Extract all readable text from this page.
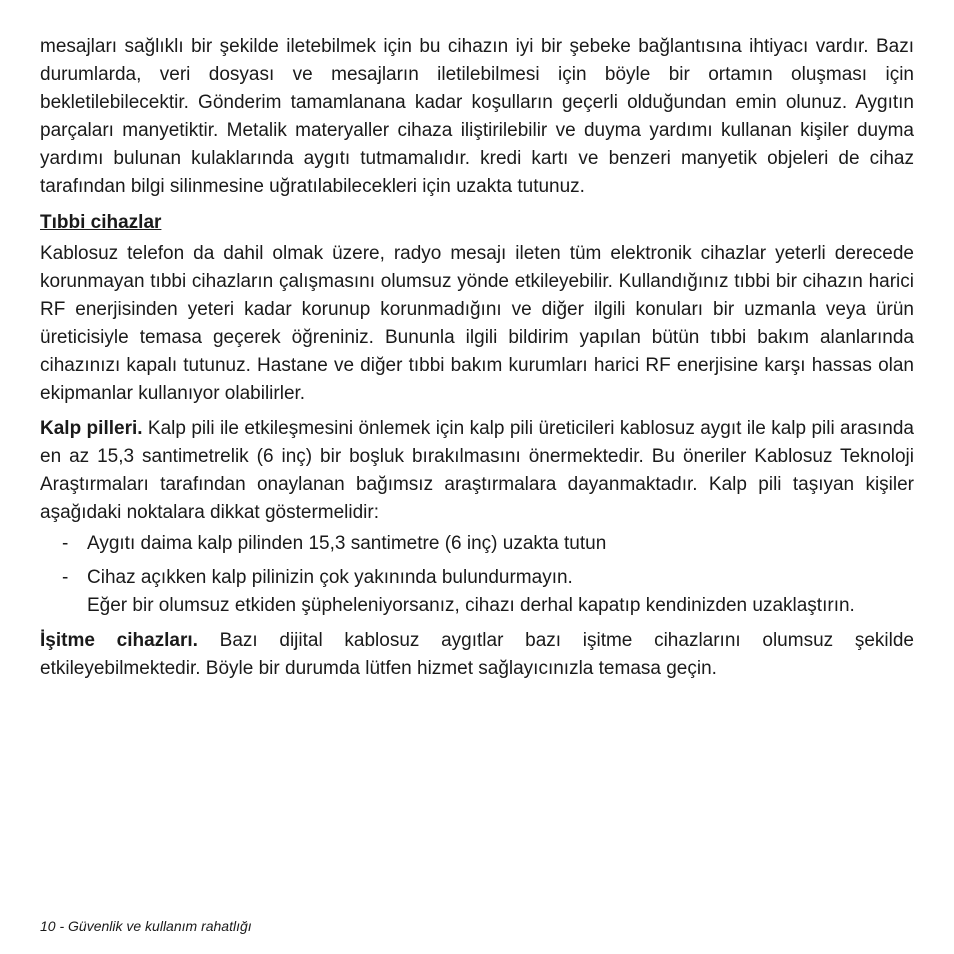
mesajları sağlıklı bir şekilde iletebilmek için bu cihazın iyi bir şebeke bağlantısına ihtiyacı vardır. Bazı durumlarda, veri dosyası ve mesajların iletilebilmesi için böyle bir ortamın oluşması için bekletilebilecektir. Gönderim tamamlanana kadar koşulların geçerli olduğundan emin olunuz. Aygıtın parçaları manyetiktir. Metalik materyaller cihaza iliştirilebilir ve duyma yardımı kullanan kişiler duyma yardımı bulunan kulaklarında aygıtı tutmamalıdır. kredi kartı ve benzeri manyetik objeleri de cihaz tarafından bilgi silinmesine uğratılabilecekleri için uzakta tutunuz.

Tıbbi cihazlar

Kablosuz telefon da dahil olmak üzere, radyo mesajı ileten tüm elektronik cihazlar yeterli derecede korunmayan tıbbi cihazların çalışmasını olumsuz yönde etkileyebilir. Kullandığınız tıbbi bir cihazın harici RF enerjisinden yeteri kadar korunup korunmadığını ve diğer ilgili konuları bir uzmanla veya ürün üreticisiyle temasa geçerek öğreniniz. Bununla ilgili bildirim yapılan bütün tıbbi bakım alanlarında cihazınızı kapalı tutunuz. Hastane ve diğer tıbbi bakım kurumları harici RF enerjisine karşı hassas olan ekipmanlar kullanıyor olabilirler.

Kalp pilleri. Kalp pili ile etkileşmesini önlemek için kalp pili üreticileri kablosuz aygıt ile kalp pili arasında en az 15,3 santimetrelik (6 inç) bir boşluk bırakılmasını önermektedir. Bu öneriler Kablosuz Teknoloji Araştırmaları tarafından onaylanan bağımsız araştırmalara dayanmaktadır. Kalp pili taşıyan kişiler aşağıdaki noktalara dikkat göstermelidir:

- Aygıtı daima kalp pilinden 15,3 santimetre (6 inç) uzakta tutun
- Cihaz açıkken kalp pilinizin çok yakınında bulundurmayın.
Eğer bir olumsuz etkiden şüpheleniyorsanız, cihazı derhal kapatıp kendinizden uzaklaştırın.

İşitme cihazları. Bazı dijital kablosuz aygıtlar bazı işitme cihazlarını olumsuz şekilde etkileyebilmektedir. Böyle bir durumda lütfen hizmet sağlayıcınızla temasa geçin.

10 - Güvenlik ve kullanım rahatlığı
